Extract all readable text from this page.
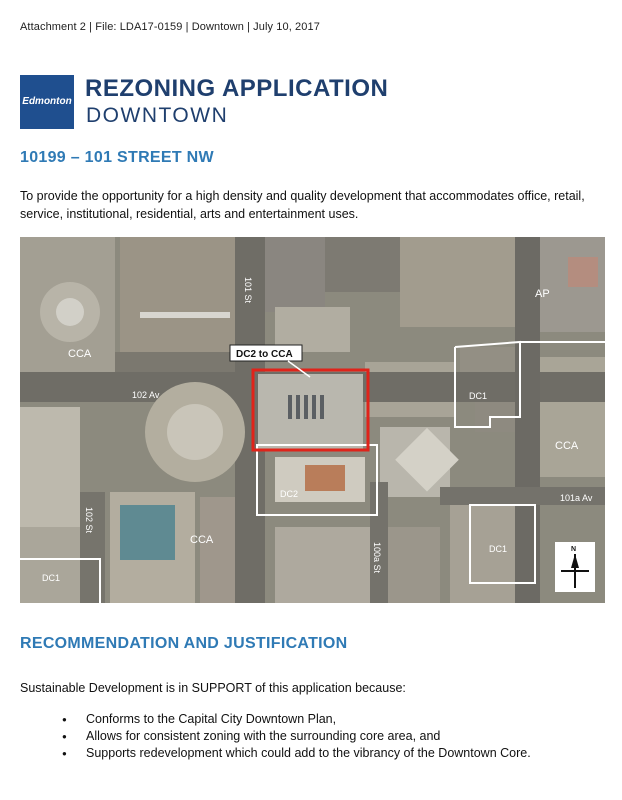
Attachment 2 | File: LDA17-0159 | Downtown | July 10, 2017
Edmonton REZONING APPLICATION
DOWNTOWN
10199 – 101 STREET NW
To provide the opportunity for a high density and quality development that accommodates office, retail, service, institutional, residential, arts and entertainment uses.
DC2 to CCA
CCA
CCA
CCA
AP
DC1
DC1
DC1
DC2
101 St
102 Av
102 St
100a St
101a Av
N
RECOMMENDATION AND JUSTIFICATION
Sustainable Development is in SUPPORT of this application because:
● Conforms to the Capital City Downtown Plan,
● Allows for consistent zoning with the surrounding core area, and
● Supports redevelopment which could add to the vibrancy of the Downtown Core.
